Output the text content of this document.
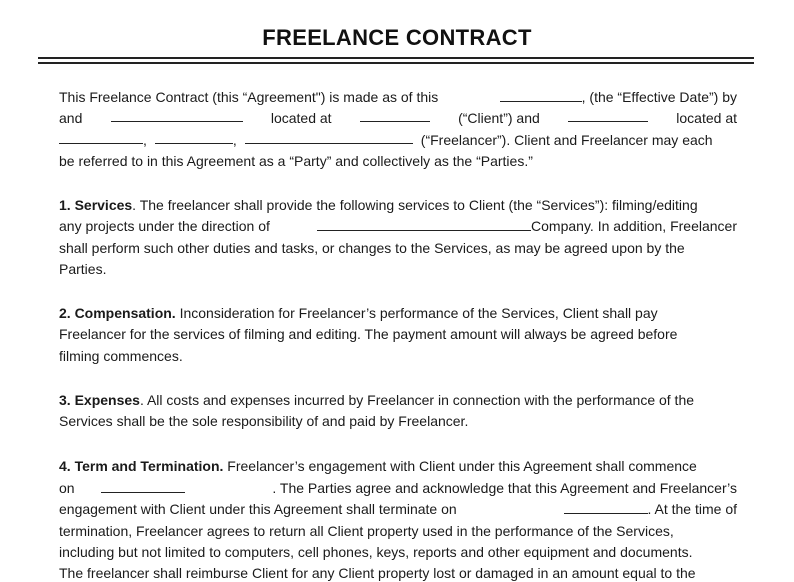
FREELANCE CONTRACT
This Freelance Contract (this “Agreement") is made as of this	, (the “Effective Date”) by
and	located at	(“Client”) and	located at
,	,	(“Freelancer”). Client and Freelancer may each
be referred to in this Agreement as a “Party” and collectively as the “Parties.”
1. Services. The freelancer shall provide the following services to Client (the “Services”): filming/editing
any projects under the direction of	Company. In addition, Freelancer
shall perform such other duties and tasks, or changes to the Services, as may be agreed upon by the
Parties.
2. Compensation. Inconsideration for Freelancer’s performance of the Services, Client shall pay
Freelancer for the services of filming and editing. The payment amount will always be agreed before
filming commences.
3. Expenses. All costs and expenses incurred by Freelancer in connection with the performance of the
Services shall be the sole responsibility of and paid by Freelancer.
4. Term and Termination. Freelancer’s engagement with Client under this Agreement shall commence
on	. The Parties agree and acknowledge that this Agreement and Freelancer’s
engagement with Client under this Agreement shall terminate on	. At the time of
termination, Freelancer agrees to return all Client property used in the performance of the Services,
including but not limited to computers, cell phones, keys, reports and other equipment and documents.
The freelancer shall reimburse Client for any Client property lost or damaged in an amount equal to the
